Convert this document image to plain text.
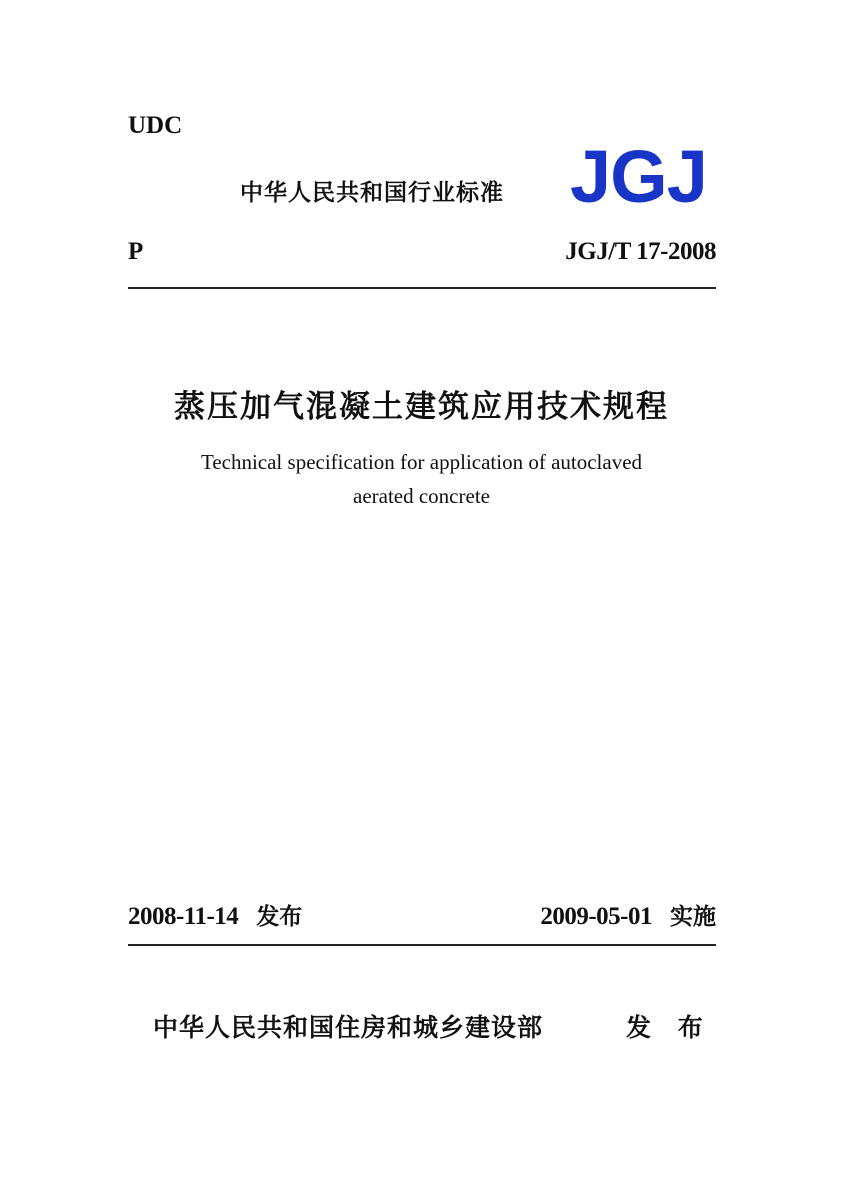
UDC
中华人民共和国行业标准 JGJ
P	JGJ/T 17-2008
蒸压加气混凝土建筑应用技术规程
Technical specification for application of autoclaved
aerated concrete
2008-11-14 发布	2009-05-01 实施
中华人民共和国住房和城乡建设部	发 布
